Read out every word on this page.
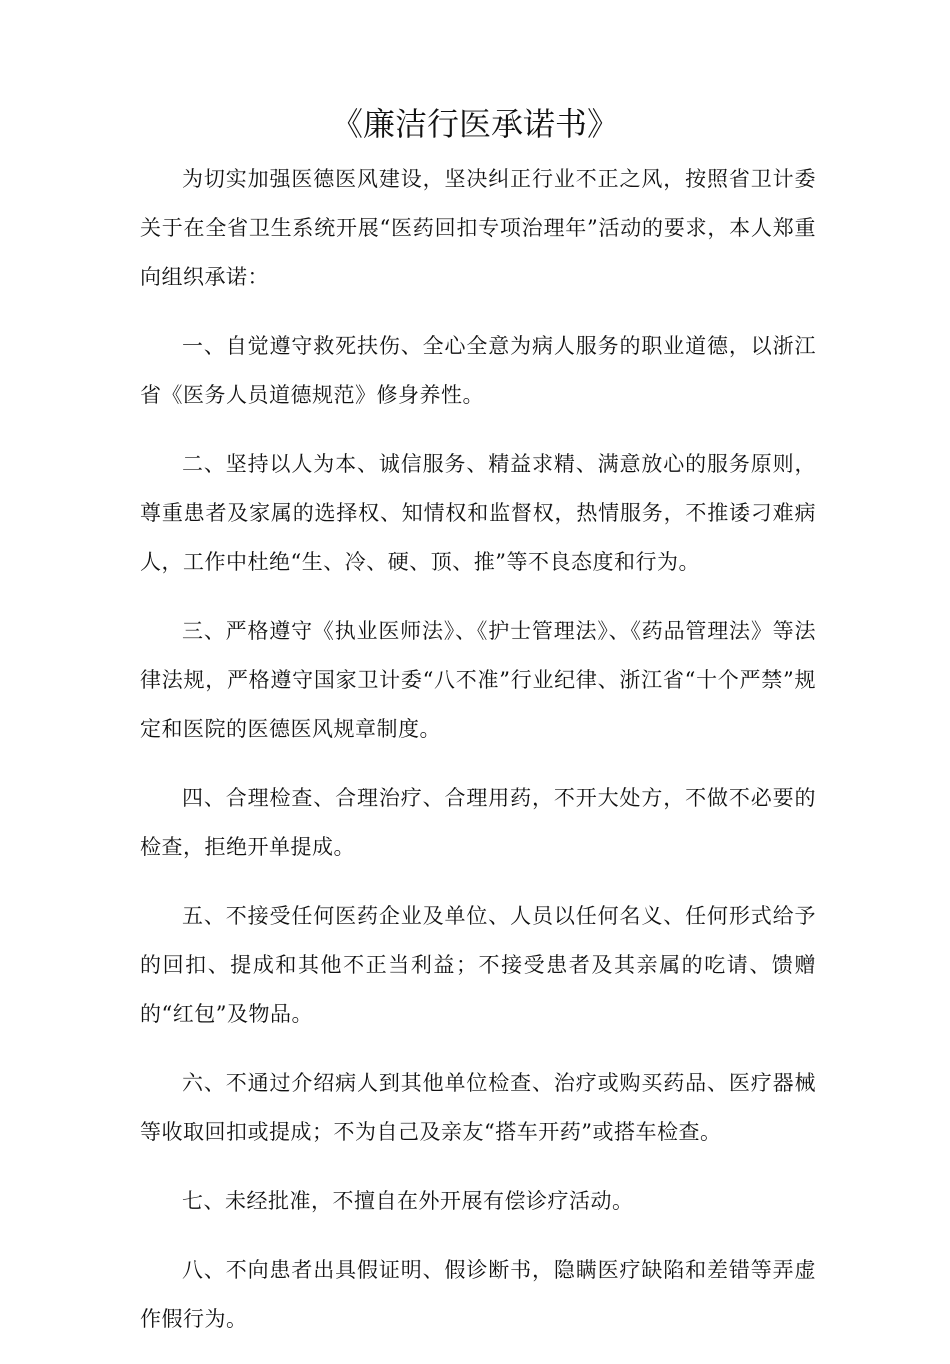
《廉洁行医承诺书》

为切实加强医德医风建设，坚决纠正行业不正之风，按照省卫计委关于在全省卫生系统开展“医药回扣专项治理年”活动的要求，本人郑重向组织承诺：

一、自觉遵守救死扶伤、全心全意为病人服务的职业道德，以浙江省《医务人员道德规范》修身养性。

二、坚持以人为本、诚信服务、精益求精、满意放心的服务原则，尊重患者及家属的选择权、知情权和监督权，热情服务，不推诿刁难病人，工作中杜绝“生、冷、硬、顶、推”等不良态度和行为。

三、严格遵守《执业医师法》、《护士管理法》、《药品管理法》等法律法规，严格遵守国家卫计委“八不准”行业纪律、浙江省“十个严禁”规定和医院的医德医风规章制度。

四、合理检查、合理治疗、合理用药，不开大处方，不做不必要的检查，拒绝开单提成。

五、不接受任何医药企业及单位、人员以任何名义、任何形式给予的回扣、提成和其他不正当利益；不接受患者及其亲属的吃请、馈赠的“红包”及物品。

六、不通过介绍病人到其他单位检查、治疗或购买药品、医疗器械等收取回扣或提成；不为自己及亲友“搭车开药”或搭车检查。

七、未经批准，不擅自在外开展有偿诊疗活动。

八、不向患者出具假证明、假诊断书，隐瞒医疗缺陷和差错等弄虚作假行为。
